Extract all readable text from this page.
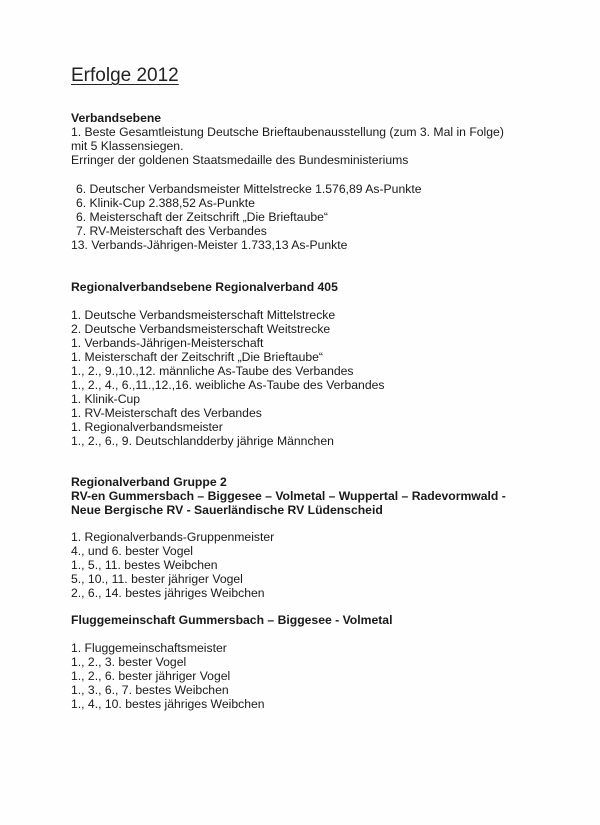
Erfolge 2012
Verbandsebene
1. Beste Gesamtleistung Deutsche Brieftaubenausstellung (zum 3. Mal in Folge)
mit 5 Klassensiegen.
Erringer der goldenen Staatsmedaille des Bundesministeriums
6. Deutscher Verbandsmeister Mittelstrecke 1.576,89 As-Punkte
6. Klinik-Cup 2.388,52 As-Punkte
6. Meisterschaft der Zeitschrift „Die Brieftaube“
7. RV-Meisterschaft des Verbandes
13. Verbands-Jährigen-Meister 1.733,13 As-Punkte
Regionalverbandsebene Regionalverband 405
1. Deutsche Verbandsmeisterschaft Mittelstrecke
2. Deutsche Verbandsmeisterschaft Weitstrecke
1. Verbands-Jährigen-Meisterschaft
1. Meisterschaft der Zeitschrift „Die Brieftaube“
1., 2., 9.,10.,12. männliche As-Taube des Verbandes
1., 2., 4., 6.,11.,12.,16. weibliche As-Taube des Verbandes
1. Klinik-Cup
1. RV-Meisterschaft des Verbandes
1. Regionalverbandsmeister
1., 2., 6., 9. Deutschlandderby jährige Männchen
Regionalverband Gruppe 2
RV-en Gummersbach – Biggesee – Volmetal – Wuppertal – Radevormwald -
Neue Bergische RV - Sauerländische RV Lüdenscheid
1. Regionalverbands-Gruppenmeister
4., und 6. bester Vogel
1., 5., 11. bestes Weibchen
5., 10., 11. bester jähriger Vogel
2., 6., 14. bestes jähriges Weibchen
Fluggemeinschaft Gummersbach – Biggesee - Volmetal
1. Fluggemeinschaftsmeister
1., 2., 3. bester Vogel
1., 2., 6. bester jähriger Vogel
1., 3., 6., 7. bestes Weibchen
1., 4., 10. bestes jähriges Weibchen
